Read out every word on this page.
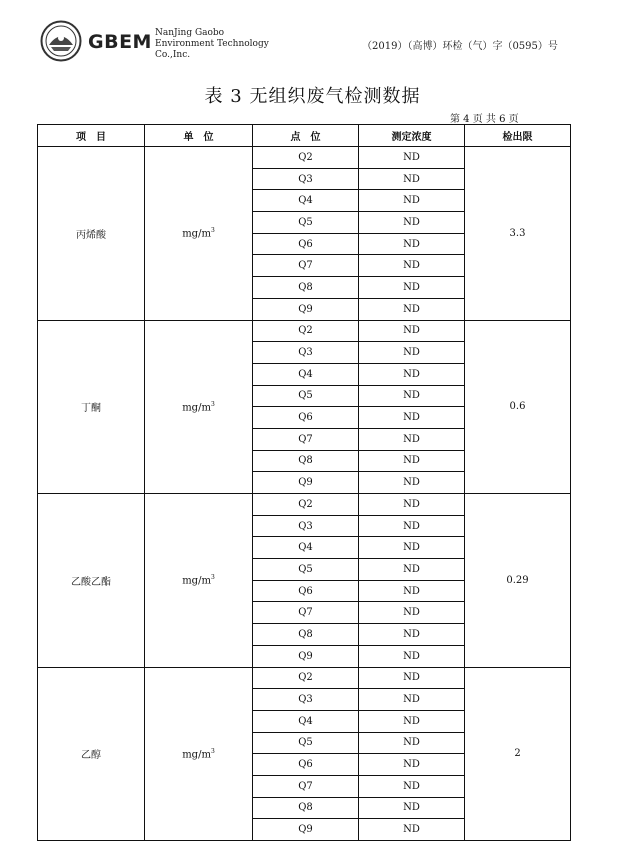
GBEM NanJing Gaobo
Environment Technology
Co.,Inc.
（2019）（高博）环检（气）字（0595）号
表 3 无组织废气检测数据
第 4 页 共 6 页
项　目	单　位	点　位	测定浓度	检出限
丙烯酸	$mg/m^3$	Q2	ND	3.3
		Q3	ND	
		Q4	ND	
		Q5	ND	
		Q6	ND	
		Q7	ND	
		Q8	ND	
		Q9	ND	
丁酮	$mg/m^3$	Q2	ND	0.6
		Q3	ND	
		Q4	ND	
		Q5	ND	
		Q6	ND	
		Q7	ND	
		Q8	ND	
		Q9	ND	
乙酸乙酯	$mg/m^3$	Q2	ND	0.29
		Q3	ND	
		Q4	ND	
		Q5	ND	
		Q6	ND	
		Q7	ND	
		Q8	ND	
		Q9	ND	
乙醇	$mg/m^3$	Q2	ND	2
		Q3	ND	
		Q4	ND	
		Q5	ND	
		Q6	ND	
		Q7	ND	
		Q8	ND	
		Q9	ND	
